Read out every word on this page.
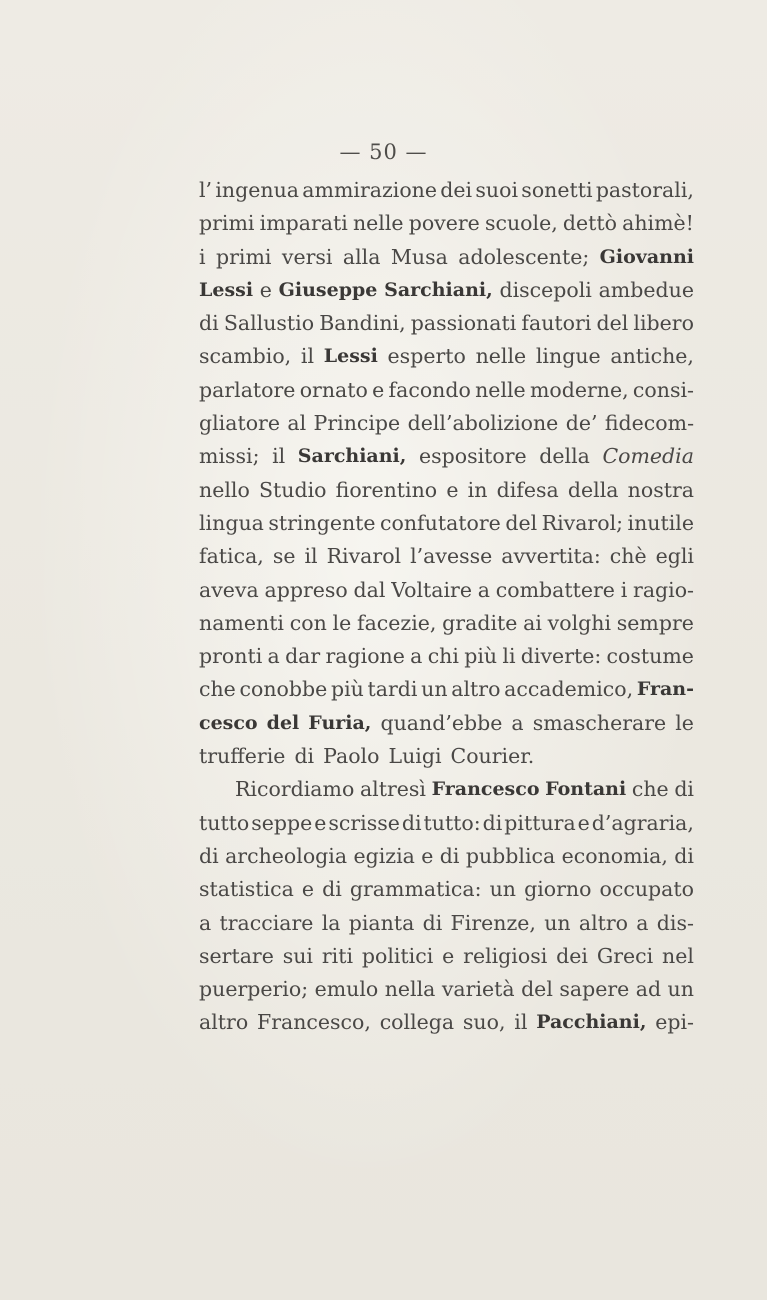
— 50 —
l’ ingenua ammirazione dei suoi sonetti pastorali,
primi imparati nelle povere scuole, dettò ahimè!
i primi versi alla Musa adolescente; Giovanni
Lessi e Giuseppe Sarchiani, discepoli ambedue
di Sallustio Bandini, passionati fautori del libero
scambio, il Lessi esperto nelle lingue antiche,
parlatore ornato e facondo nelle moderne, consi-
gliatore al Principe dell’abolizione de’ fidecom-
missi; il Sarchiani, espositore della Comedia
nello Studio fiorentino e in difesa della nostra
lingua stringente confutatore del Rivarol; inutile
fatica, se il Rivarol l’avesse avvertita: chè egli
aveva appreso dal Voltaire a combattere i ragio-
namenti con le facezie, gradite ai volghi sempre
pronti a dar ragione a chi più li diverte: costume
che conobbe più tardi un altro accademico, Fran-
cesco del Furia, quand’ebbe a smascherare le
trufferie di Paolo Luigi Courier.
Ricordiamo altresì Francesco Fontani che di
tutto seppe e scrisse di tutto: di pittura e d’agraria,
di archeologia egizia e di pubblica economia, di
statistica e di grammatica: un giorno occupato
a tracciare la pianta di Firenze, un altro a dis-
sertare sui riti politici e religiosi dei Greci nel
puerperio; emulo nella varietà del sapere ad un
altro Francesco, collega suo, il Pacchiani, epi-
